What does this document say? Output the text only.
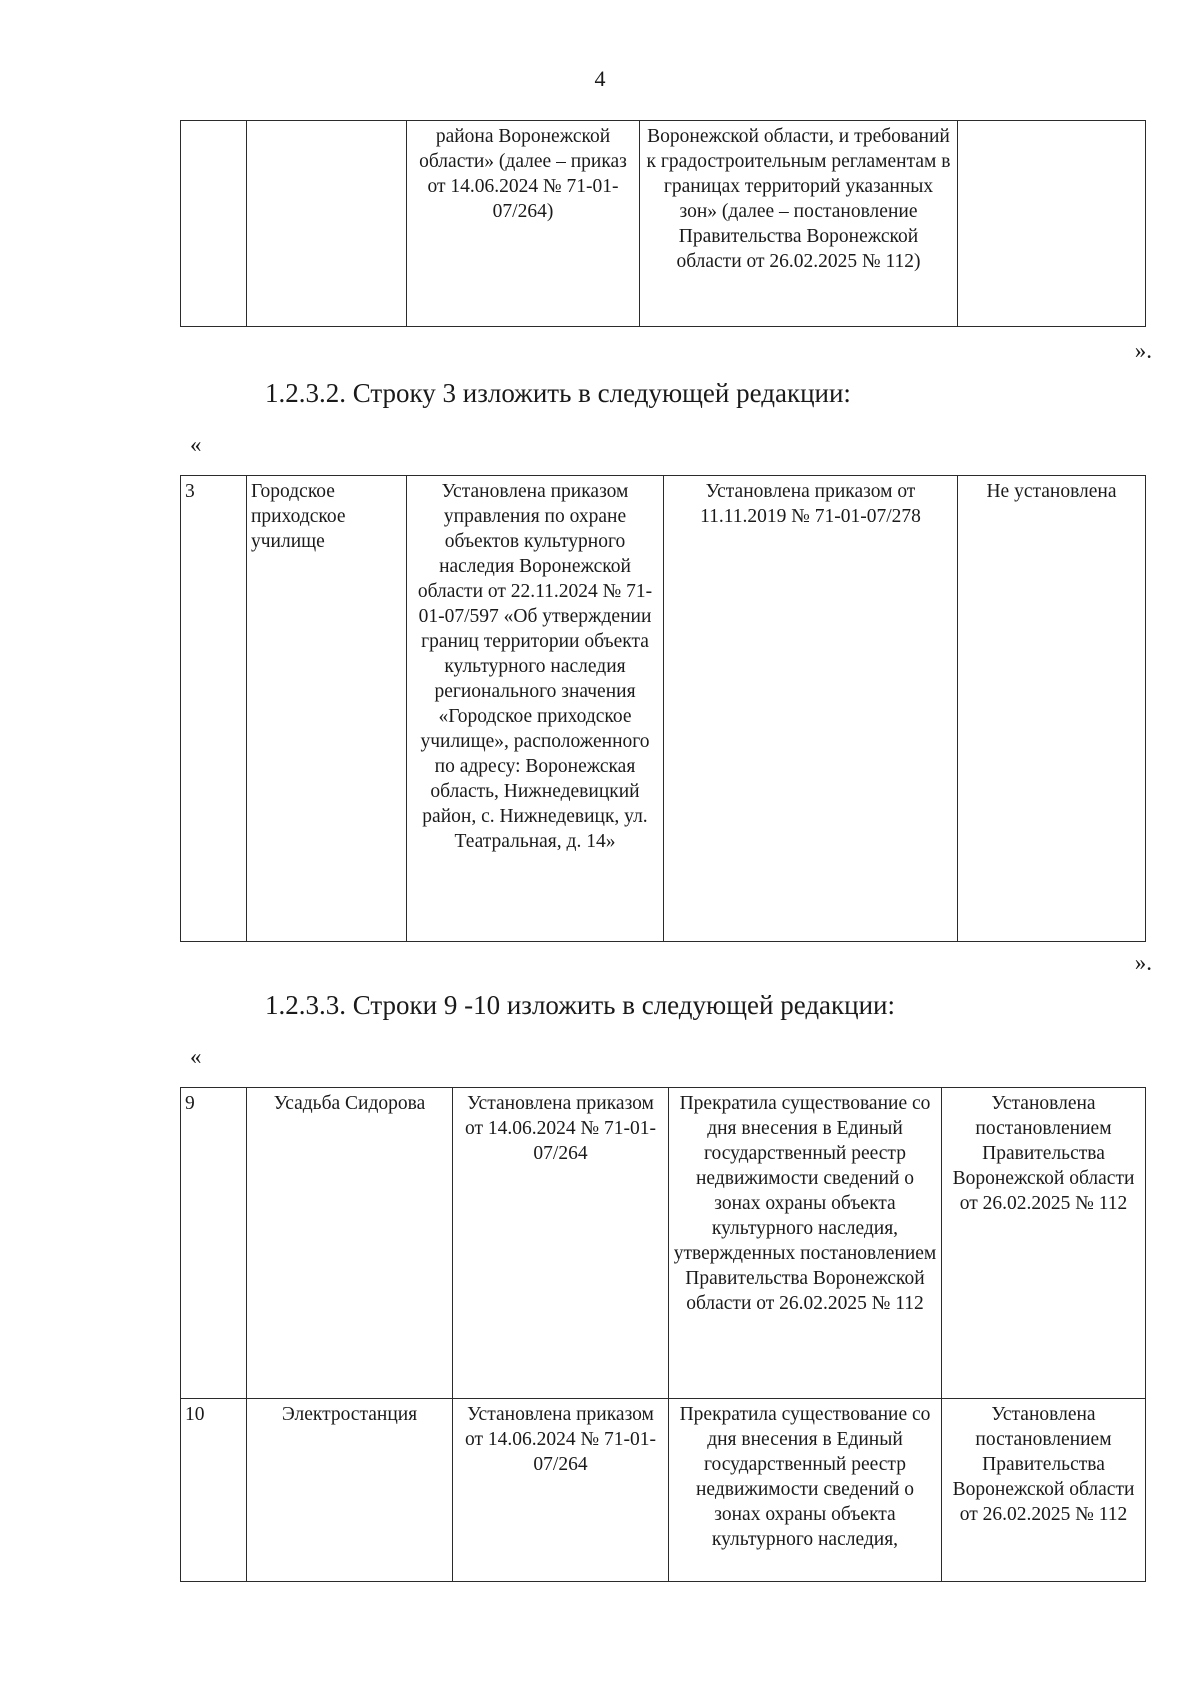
4
		района Воронежской области» (далее – приказ от 14.06.2024 № 71-01-07/264)	Воронежской области, и требований к градостроительным регламентам в границах территорий указанных зон» (далее – постановление Правительства Воронежской области от 26.02.2025 № 112)	
».
1.2.3.2. Строку 3 изложить в следующей редакции:
«
3	Городское приходское училище	Установлена приказом управления по охране объектов культурного наследия Воронежской области от 22.11.2024 № 71-01-07/597 «Об утверждении границ территории объекта культурного наследия регионального значения «Городское приходское училище», расположенного по адресу: Воронежская область, Нижнедевицкий район, с. Нижнедевицк, ул. Театральная, д. 14»	Установлена приказом от 11.11.2019 № 71-01-07/278	Не установлена
».
1.2.3.3. Строки 9 -10 изложить в следующей редакции:
«
9	Усадьба Сидорова	Установлена приказом от 14.06.2024 № 71-01-07/264	Прекратила существование со дня внесения в Единый государственный реестр недвижимости сведений о зонах охраны объекта культурного наследия, утвержденных постановлением Правительства Воронежской области от 26.02.2025 № 112	Установлена постановлением Правительства Воронежской области от 26.02.2025 № 112
10	Электростанция	Установлена приказом от 14.06.2024 № 71-01-07/264	Прекратила существование со дня внесения в Единый государственный реестр недвижимости сведений о зонах охраны объекта культурного наследия,	Установлена постановлением Правительства Воронежской области от 26.02.2025 № 112
